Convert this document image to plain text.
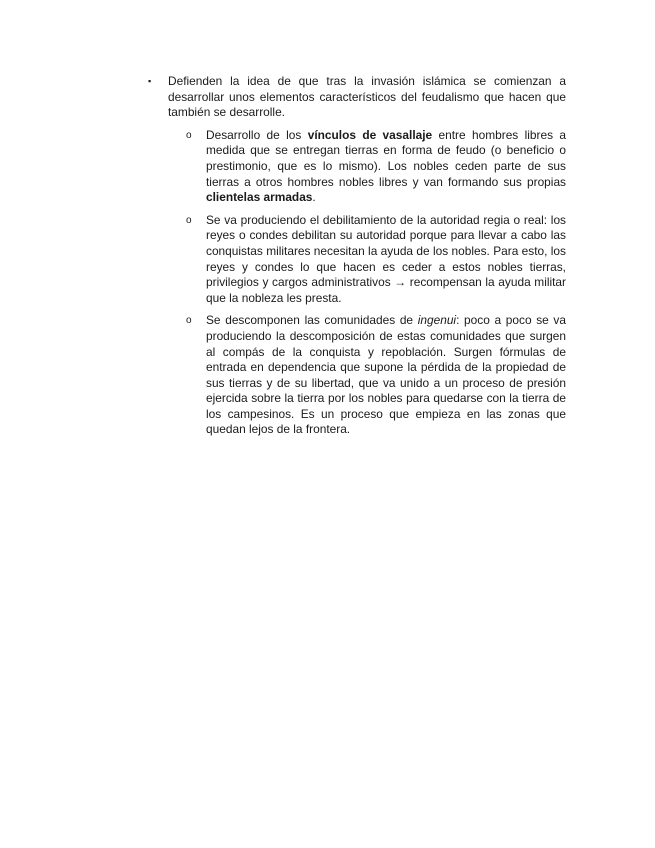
▪	Defienden la idea de que tras la invasión islámica se comienzan a desarrollar unos elementos característicos del feudalismo que hacen que también se desarrolle.

o Desarrollo de los vínculos de vasallaje entre hombres libres a medida que se entregan tierras en forma de feudo (o beneficio o prestimonio, que es lo mismo). Los nobles ceden parte de sus tierras a otros hombres nobles libres y van formando sus propias clientelas armadas.

o Se va produciendo el debilitamiento de la autoridad regia o real: los reyes o condes debilitan su autoridad porque para llevar a cabo las conquistas militares necesitan la ayuda de los nobles. Para esto, los reyes y condes lo que hacen es ceder a estos nobles tierras, privilegios y cargos administrativos → recompensan la ayuda militar que la nobleza les presta.

o Se descomponen las comunidades de ingenui: poco a poco se va produciendo la descomposición de estas comunidades que surgen al compás de la conquista y repoblación. Surgen fórmulas de entrada en dependencia que supone la pérdida de la propiedad de sus tierras y de su libertad, que va unido a un proceso de presión ejercida sobre la tierra por los nobles para quedarse con la tierra de los campesinos. Es un proceso que empieza en las zonas que quedan lejos de la frontera.
